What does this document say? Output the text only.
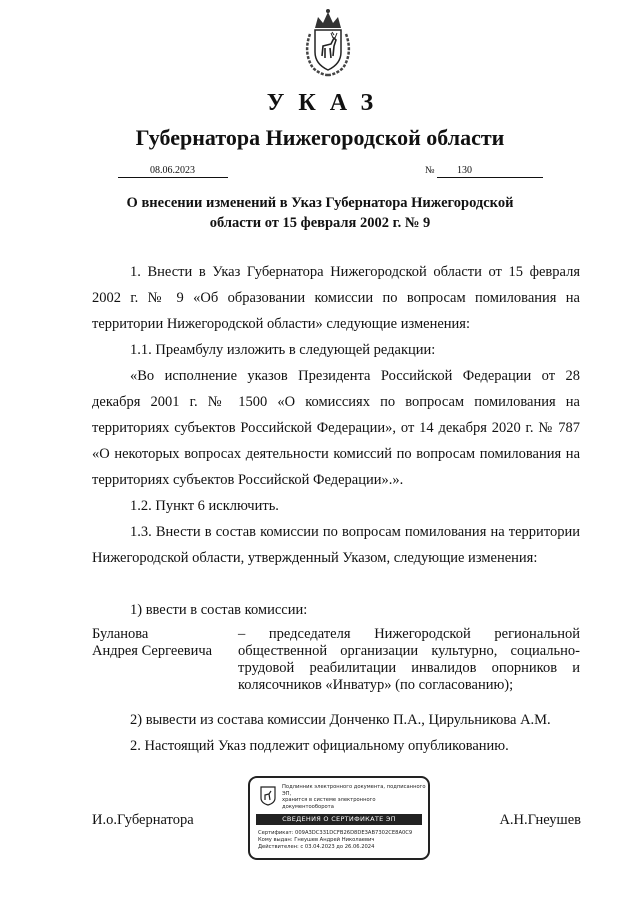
УКАЗ
Губернатора Нижегородской области
08.06.2023	№	130
О внесении изменений в Указ Губернатора Нижегородской
области от 15 февраля 2002 г. № 9
1. Внести в Указ Губернатора Нижегородской области от 15 февраля 2002 г. № 9 «Об образовании комиссии по вопросам помилования на территории Нижегородской области» следующие изменения:
1.1. Преамбулу изложить в следующей редакции:
«Во исполнение указов Президента Российской Федерации от 28 декабря 2001 г. № 1500 «О комиссиях по вопросам помилования на территориях субъектов Российской Федерации», от 14 декабря 2020 г. № 787 «О некоторых вопросах деятельности комиссий по вопросам помилования на территориях субъектов Российской Федерации».».
1.2. Пункт 6 исключить.
1.3. Внести в состав комиссии по вопросам помилования на территории Нижегородской области, утвержденный Указом, следующие изменения:
1) ввести в состав комиссии:
Буланова
Андрея Сергеевича
– председателя Нижегородской региональной общественной организации культурно, социально-трудовой реабилитации инвалидов опорников и колясочников «Инватур» (по согласованию);
2) вывести из состава комиссии Донченко П.А., Цирульникова А.М.
2. Настоящий Указ подлежит официальному опубликованию.
И.о.Губернатора	А.Н.Гнеушев
Подлинник электронного документа, подписанного ЭП,
хранится в системе электронного документооборота
СВЕДЕНИЯ О СЕРТИФИКАТЕ ЭП
Сертификат: 009A3DC331DCFB26D8DE3AB7302CE8A0C9
Кому выдан: Гнеушев Андрей Николаевич
Действителен: с 03.04.2023 до 26.06.2024
